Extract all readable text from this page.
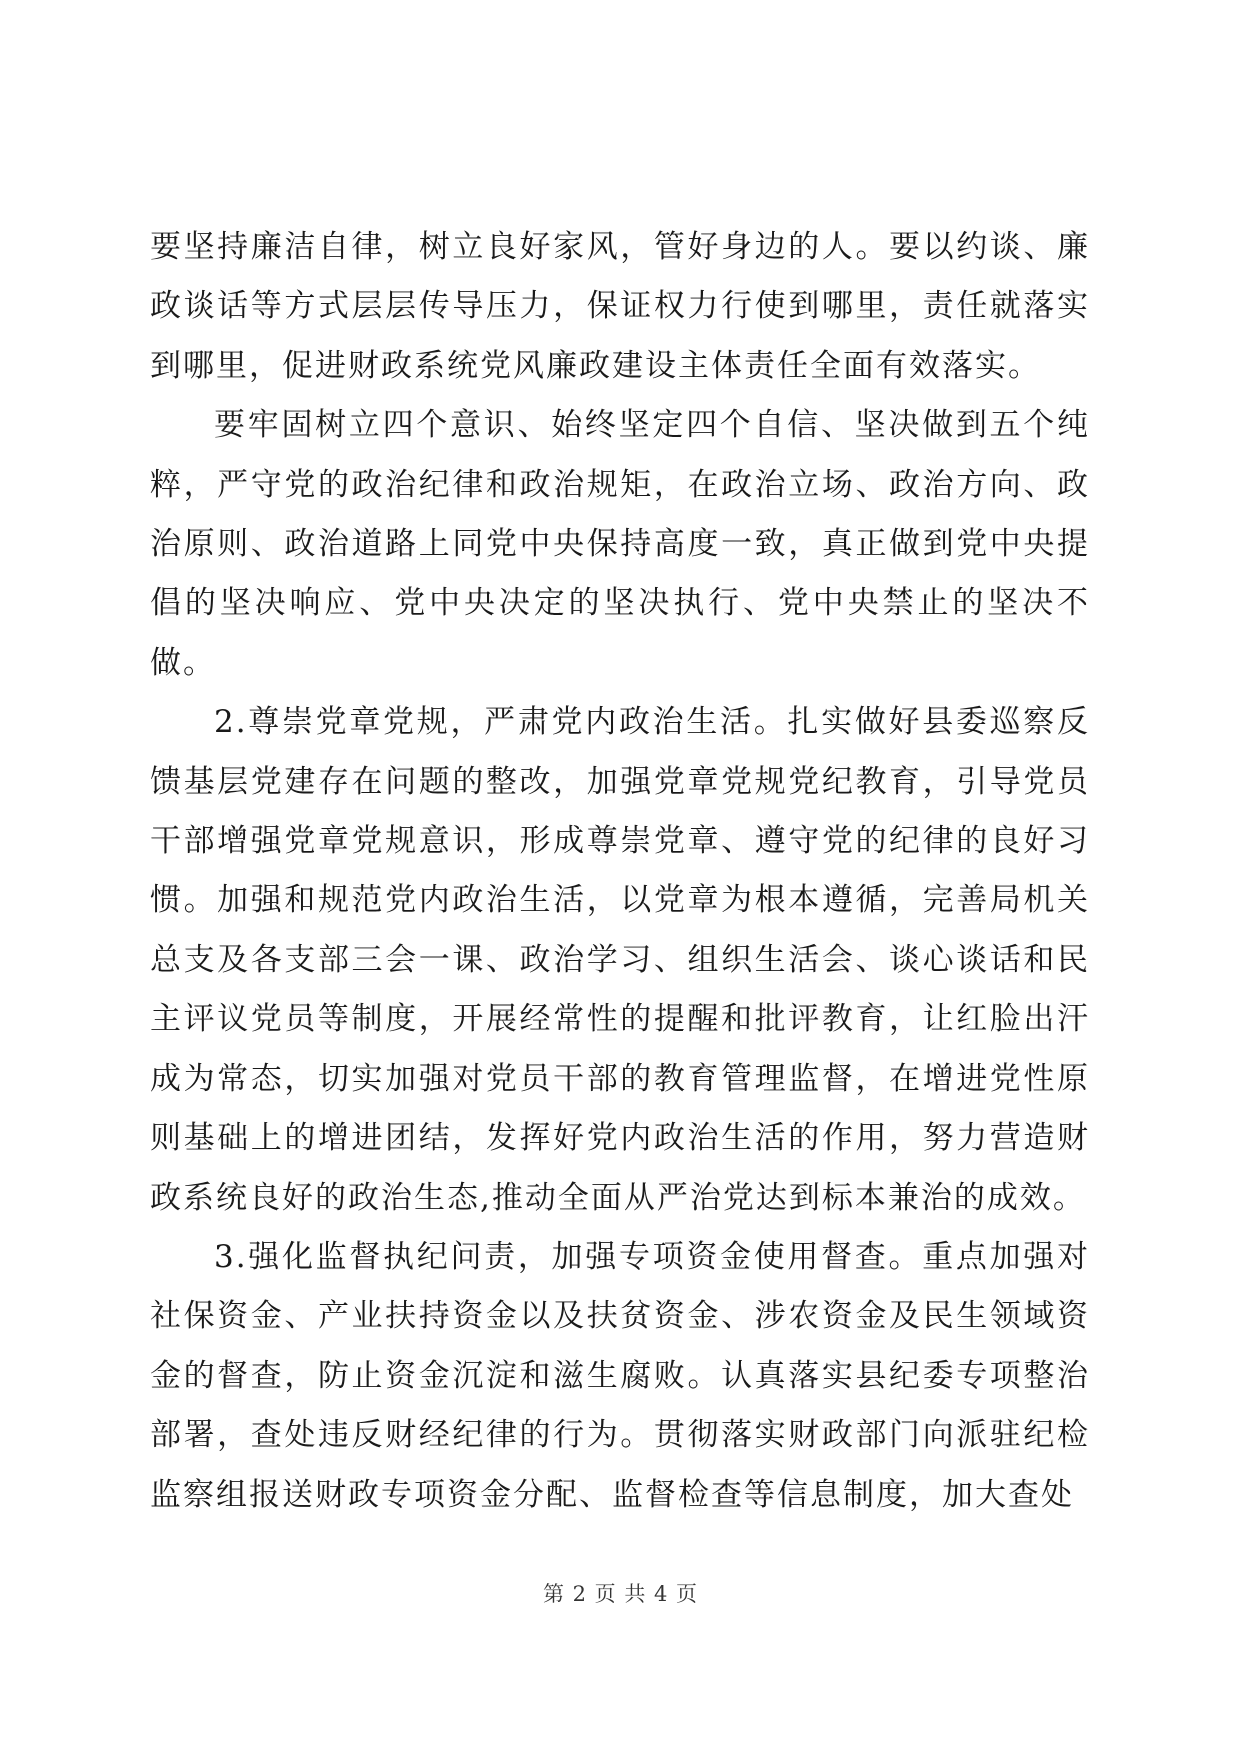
要坚持廉洁自律，树立良好家风，管好身边的人。要以约谈、廉政谈话等方式层层传导压力，保证权力行使到哪里，责任就落实到哪里，促进财政系统党风廉政建设主体责任全面有效落实。

要牢固树立四个意识、始终坚定四个自信、坚决做到五个纯粹，严守党的政治纪律和政治规矩，在政治立场、政治方向、政治原则、政治道路上同党中央保持高度一致，真正做到党中央提倡的坚决响应、党中央决定的坚决执行、党中央禁止的坚决不做。

2.尊崇党章党规，严肃党内政治生活。扎实做好县委巡察反馈基层党建存在问题的整改，加强党章党规党纪教育，引导党员干部增强党章党规意识，形成尊崇党章、遵守党的纪律的良好习惯。加强和规范党内政治生活，以党章为根本遵循，完善局机关总支及各支部三会一课、政治学习、组织生活会、谈心谈话和民主评议党员等制度，开展经常性的提醒和批评教育，让红脸出汗成为常态，切实加强对党员干部的教育管理监督，在增进党性原则基础上的增进团结，发挥好党内政治生活的作用，努力营造财政系统良好的政治生态,推动全面从严治党达到标本兼治的成效。

3.强化监督执纪问责，加强专项资金使用督查。重点加强对社保资金、产业扶持资金以及扶贫资金、涉农资金及民生领域资金的督查，防止资金沉淀和滋生腐败。认真落实县纪委专项整治部署，查处违反财经纪律的行为。贯彻落实财政部门向派驻纪检监察组报送财政专项资金分配、监督检查等信息制度，加大查处

第 2 页 共 4 页
